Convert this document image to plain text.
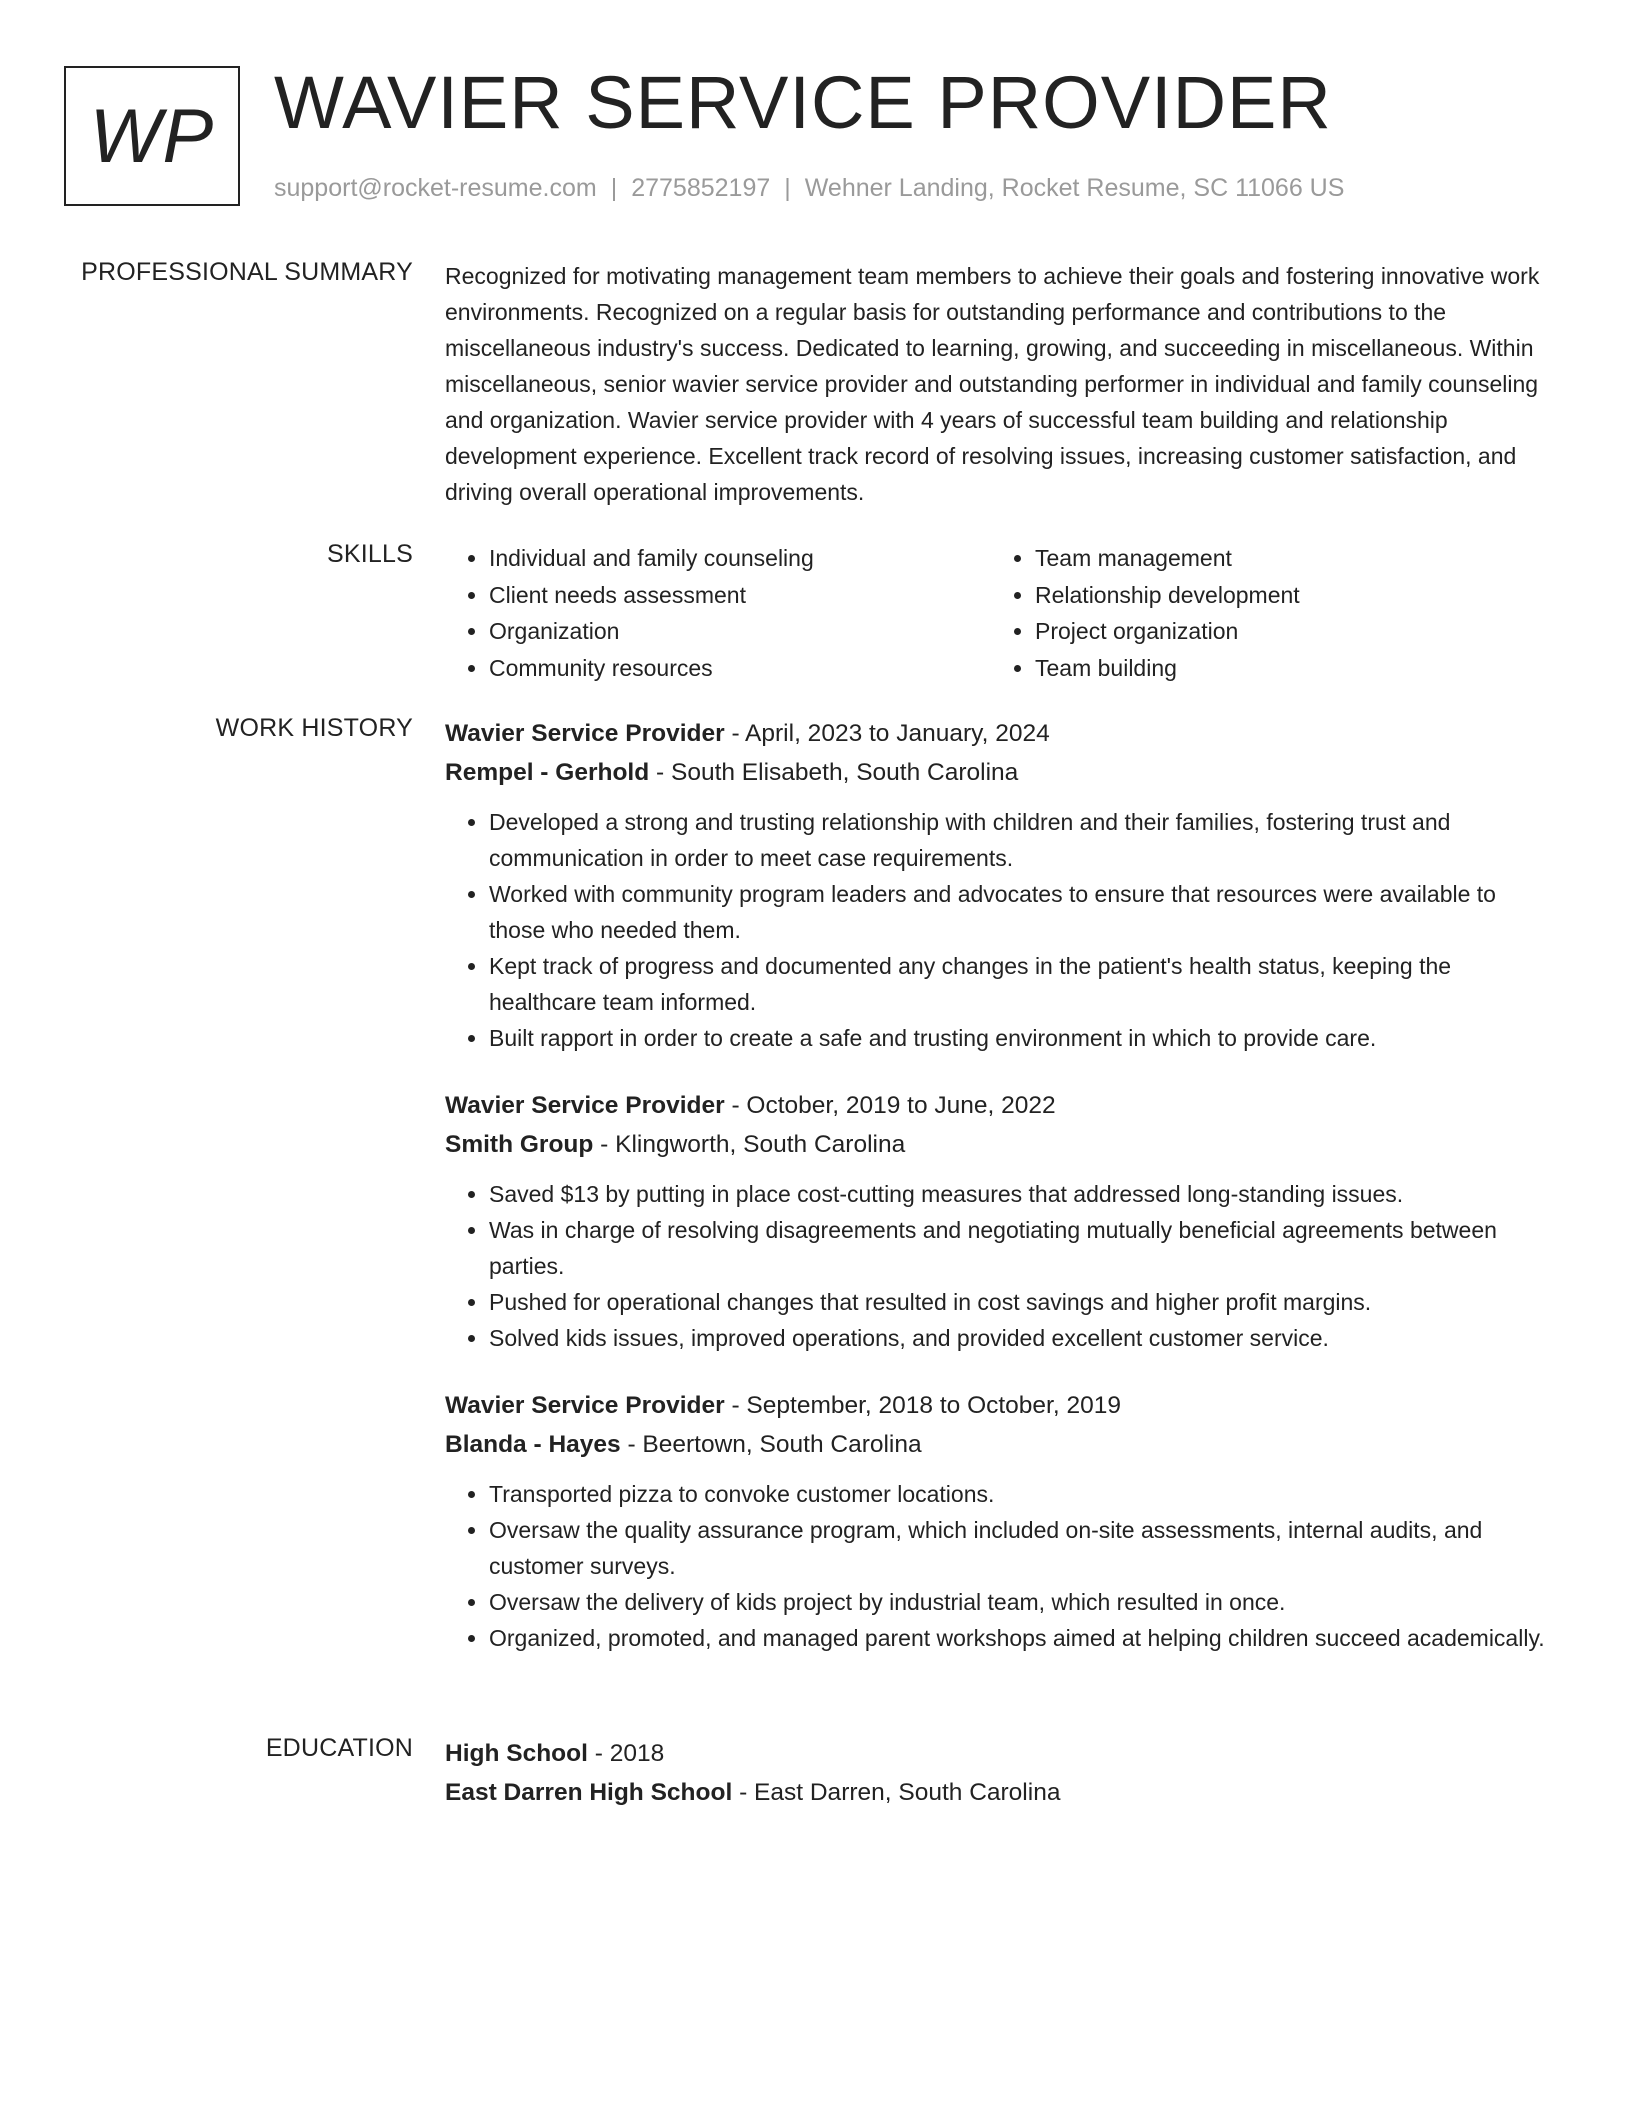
WP WAVIER SERVICE PROVIDER
support@rocket-resume.com | 2775852197 | Wehner Landing, Rocket Resume, SC 11066 US
PROFESSIONAL SUMMARY Recognized for motivating management team members to achieve their goals and fostering innovative work environments. Recognized on a regular basis for outstanding performance and contributions to the miscellaneous industry's success. Dedicated to learning, growing, and succeeding in miscellaneous. Within miscellaneous, senior wavier service provider and outstanding performer in individual and family counseling and organization. Wavier service provider with 4 years of successful team building and relationship development experience. Excellent track record of resolving issues, increasing customer satisfaction, and driving overall operational improvements.

SKILLS
•	Individual and family counseling
• Client needs assessment
• Organization
• Community resources
• Team management
• Relationship development
• Project organization
• Team building
WORK HISTORY Wavier Service Provider - April, 2023 to January, 2024
Rempel - Gerhold - South Elisabeth, South Carolina
• Developed a strong and trusting relationship with children and their families, fostering trust and communication in order to meet case requirements.
• Worked with community program leaders and advocates to ensure that resources were available to those who needed them.
• Kept track of progress and documented any changes in the patient's health status, keeping the healthcare team informed.
• Built rapport in order to create a safe and trusting environment in which to provide care.
Wavier Service Provider - October, 2019 to June, 2022
Smith Group - Klingworth, South Carolina
• Saved $13 by putting in place cost-cutting measures that addressed long-standing issues.
• Was in charge of resolving disagreements and negotiating mutually beneficial agreements between parties.
• Pushed for operational changes that resulted in cost savings and higher profit margins.
• Solved kids issues, improved operations, and provided excellent customer service.
Wavier Service Provider - September, 2018 to October, 2019
Blanda - Hayes - Beertown, South Carolina
• Transported pizza to convoke customer locations.
• Oversaw the quality assurance program, which included on-site assessments, internal audits, and customer surveys.
• Oversaw the delivery of kids project by industrial team, which resulted in once.
• Organized, promoted, and managed parent workshops aimed at helping children succeed academically.
EDUCATION High School - 2018
East Darren High School - East Darren, South Carolina
